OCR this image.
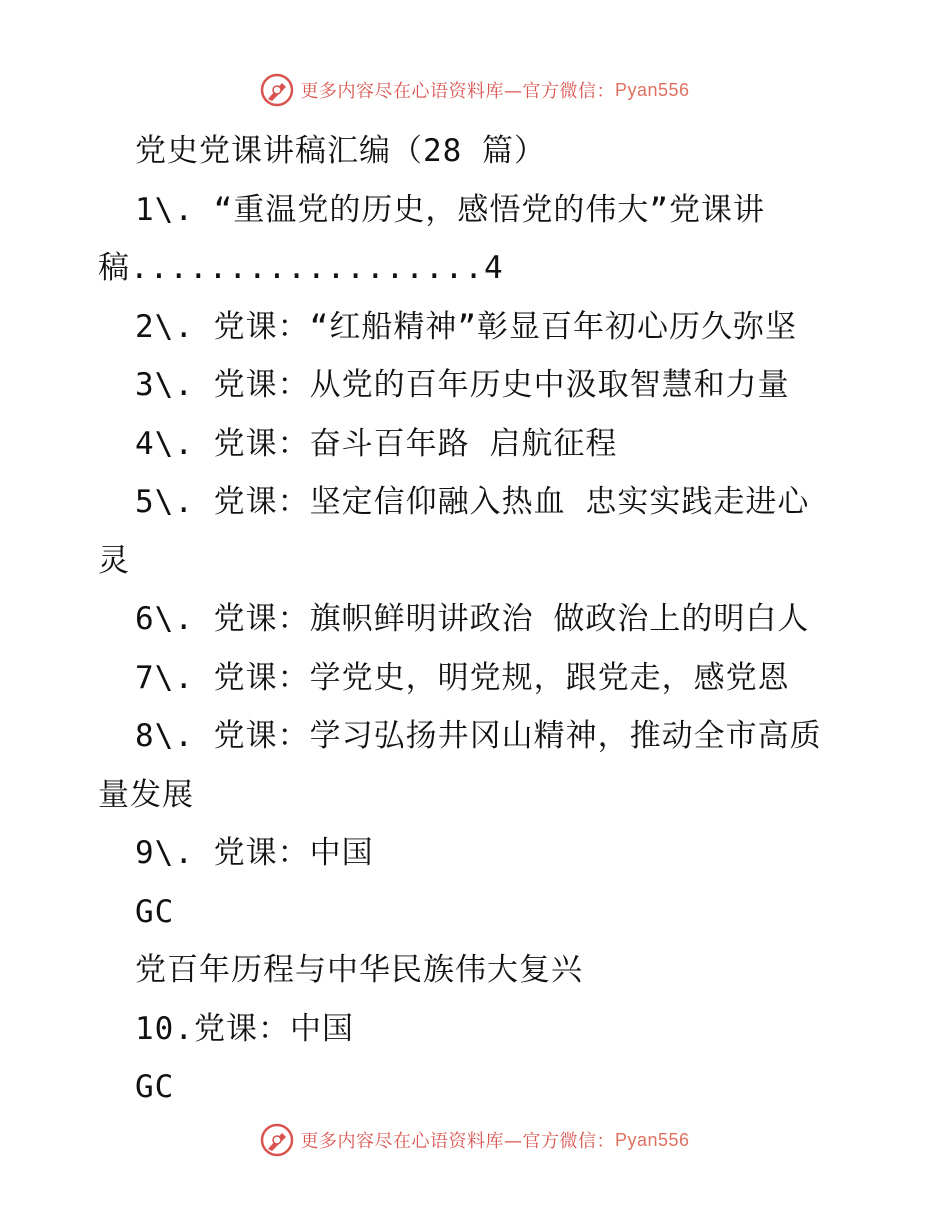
更多内容尽在心语资料库—官方微信： Pyan556
党史党课讲稿汇编（28 篇）
1\. “重温党的历史，感悟党的伟大”党课讲
稿..................4
2\. 党课：“红船精神”彰显百年初心历久弥坚
3\. 党课：从党的百年历史中汲取智慧和力量
4\. 党课：奋斗百年路 启航征程
5\. 党课：坚定信仰融入热血 忠实实践走进心
灵
6\. 党课：旗帜鲜明讲政治 做政治上的明白人
7\. 党课：学党史，明党规，跟党走，感党恩
8\. 党课：学习弘扬井冈山精神，推动全市高质
量发展
9\. 党课：中国
GC
党百年历程与中华民族伟大复兴
10.党课：中国
GC
更多内容尽在心语资料库—官方微信： Pyan556
